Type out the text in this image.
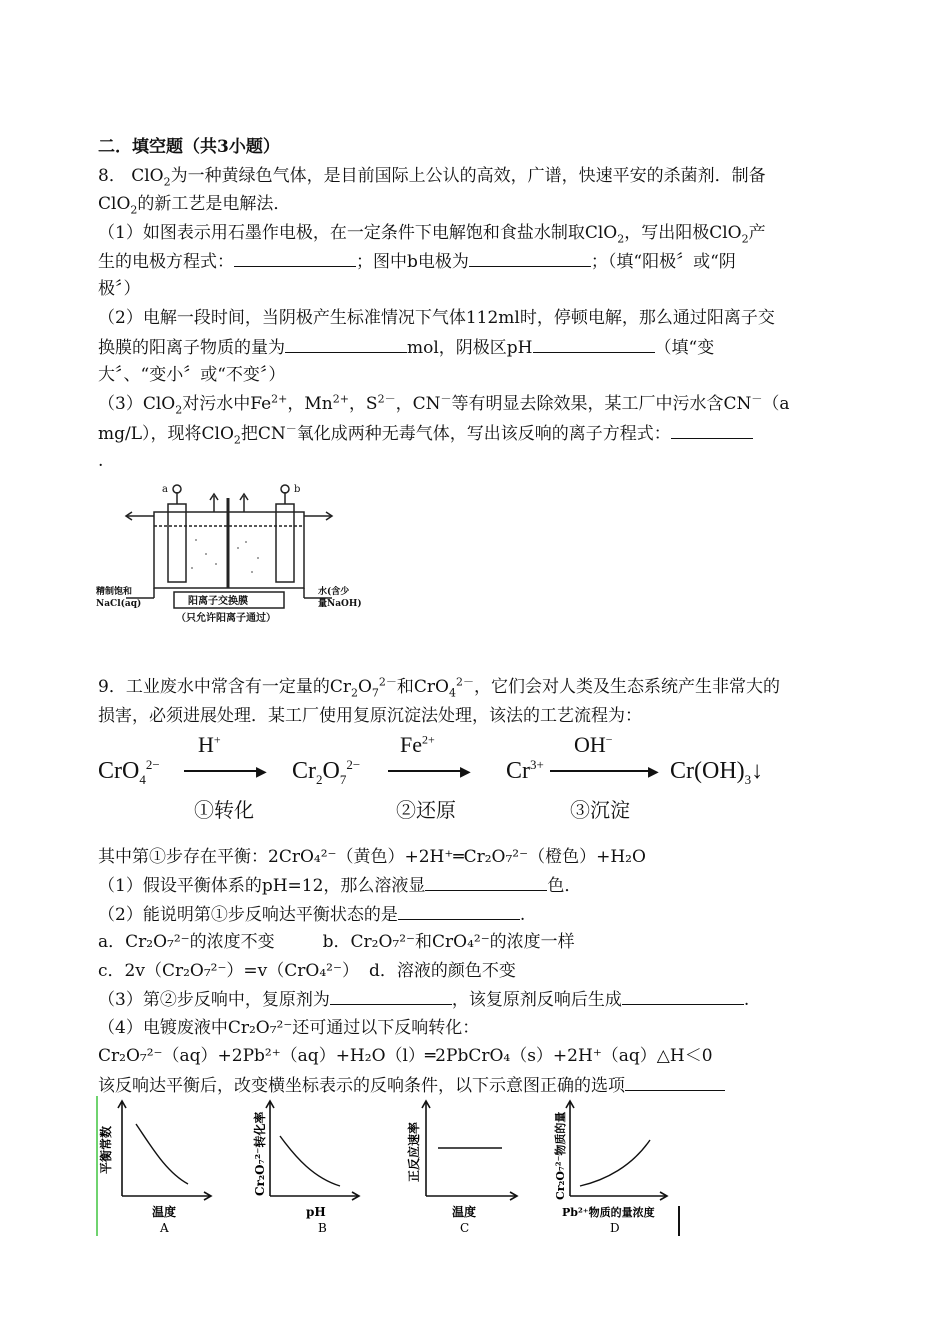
二．填空题（共3小题）
8． ClO$_2$为一种黄绿色气体，是目前国际上公认的高效，广谱，快速平安的杀菌剂．制备
ClO$_2$的新工艺是电解法．
（1）如图表示用石墨作电极，在一定条件下电解饱和食盐水制取ClO$_2$，写出阳极ClO$_2$产
生的电极方程式：	；图中b电极为	；（填“阳极〞或“阴
极〞）
（2）电解一段时间，当阴极产生标准情况下气体112ml时，停顿电解，那么通过阳离子交
换膜的阳离子物质的量为	mol，阴极区pH	（填“变
大〞、“变小〞或“不变〞）
（3）ClO$_2$对污水中$Fe^{2+}$，$Mn^{2+}$，$S^{2-}$，CN－等有明显去除效果，某工厂中污水含CN－（a
mg/L），现将ClO$_2$把CN－氧化成两种无毒气体，写出该反响的离子方程式：
.
a	b
阳离子交换膜
（只允许阳离子通过）
精制饱和
NaCl(aq)
水(含少
量NaOH)
9．工业废水中常含有一定量的$Cr_2O_7^{2-}$和CrO$_4^{2-}$，它们会对人类及生态系统产生非常大的
损害，必须进展处理．某工厂使用复原沉淀法处理，该法的工艺流程为：
CrO$_4^{2-}$
H+
▶
①转化
$Cr_2O_7^{2-}$
$Fe^{2+}$
▶
②还原
$Cr^{3+}$
OH−
▶
③沉淀
$Cr(OH)_3↓$
其中第①步存在平衡：2CrO₄²⁻（黄色）+2H⁺═Cr₂O₇²⁻（橙色）+H₂O
（1）假设平衡体系的pH=12，那么溶液显	色．
（2）能说明第①步反响达平衡状态的是	.
a．Cr₂O₇²⁻的浓度不变	b．Cr₂O₇²⁻和CrO₄²⁻的浓度一样
c．2v（Cr₂O₇²⁻）=v（CrO₄²⁻） d．溶液的颜色不变
（3）第②步反响中，复原剂为	，该复原剂反响后生成	.
（4）电镀废液中Cr₂O₇²⁻还可通过以下反响转化：
Cr₂O₇²⁻（aq）+2Pb²⁺（aq）+H₂O（l）═2PbCrO₄（s）+2H⁺（aq）△H＜0
该反响达平衡后，改变横坐标表示的反响条件，以下示意图正确的选项
平衡常数
温度
A
Cr₂O₇²⁻转化率
pH
B
正反应速率
温度
C
Cr₂O₇²⁻物质的量
Pb²⁺物质的量浓度
D
